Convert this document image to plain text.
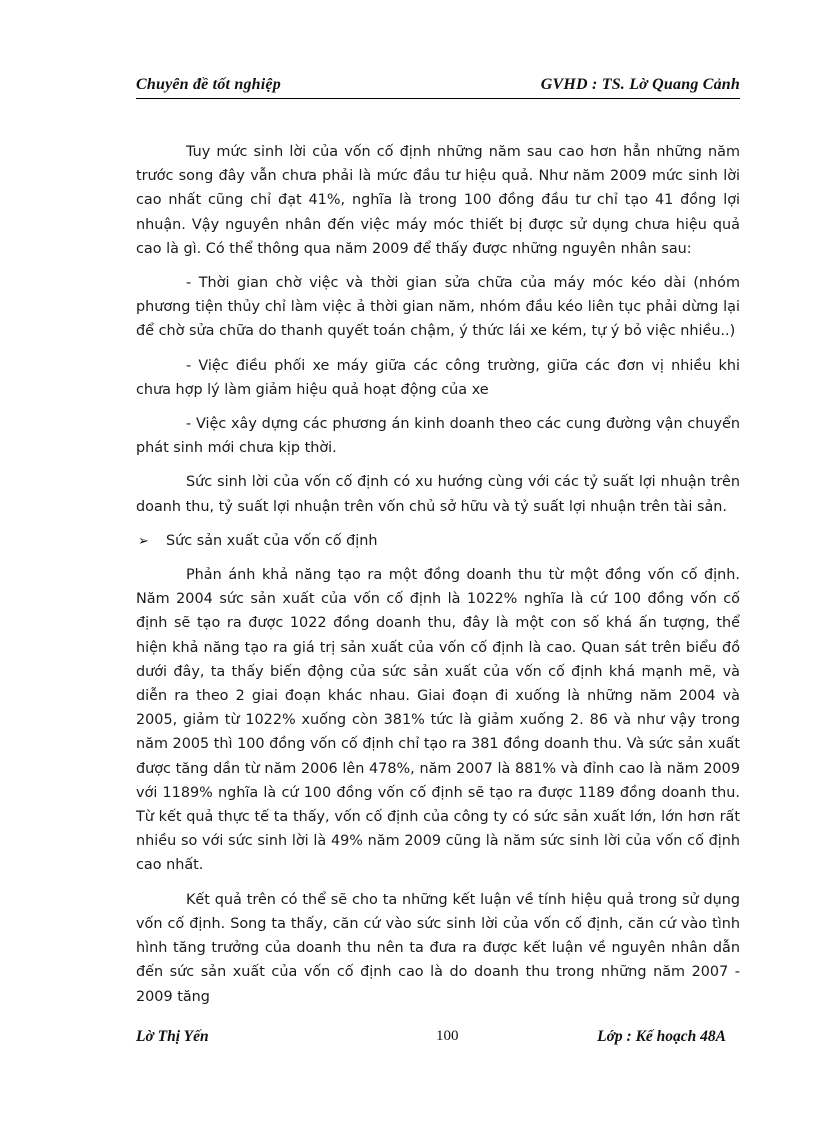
Chuyên đề tốt nghiệp	GVHD : TS. Lờ Quang Cảnh

Tuy mức sinh lời của vốn cố định những năm sau cao hơn hẳn những năm trước song đây vẫn chưa phải là mức đầu tư hiệu quả. Như năm 2009 mức sinh lời cao nhất cũng chỉ đạt 41%, nghĩa là trong 100 đồng đầu tư chỉ tạo 41 đồng lợi nhuận. Vậy nguyên nhân đến việc máy móc thiết bị được sử dụng chưa hiệu quả cao là gì. Có thể thông qua năm 2009 để thấy được những nguyên nhân sau:

- Thời gian chờ việc và thời gian sửa chữa của máy móc kéo dài (nhóm phương tiện thủy chỉ làm việc ả thời gian năm, nhóm đầu kéo liên tục phải dừng lại để chờ sửa chữa do thanh quyết toán chậm, ý thức lái xe kém, tự ý bỏ việc nhiều..)

- Việc điều phối xe máy giữa các công trường, giữa các đơn vị nhiều khi chưa hợp lý làm giảm hiệu quả hoạt động của xe

- Việc xây dựng các phương án kinh doanh theo các cung đường vận chuyển phát sinh mới chưa kịp thời.

Sức sinh lời của vốn cố định có xu hướng cùng với các tỷ suất lợi nhuận trên doanh thu, tỷ suất lợi nhuận trên vốn chủ sở hữu và tỷ suất lợi nhuận trên tài sản.

➢	Sức sản xuất của vốn cố định

Phản ánh khả năng tạo ra một đồng doanh thu từ một đồng vốn cố định. Năm 2004 sức sản xuất của vốn cố định là 1022% nghĩa là cứ 100 đồng vốn cố định sẽ tạo ra được 1022 đồng doanh thu, đây là một con số khá ấn tượng, thể hiện khả năng tạo ra giá trị sản xuất của vốn cố định là cao. Quan sát trên biểu đồ dưới đây, ta thấy biến động của sức sản xuất của vốn cố định khá mạnh mẽ, và diễn ra theo 2 giai đoạn khác nhau. Giai đoạn đi xuống là những năm 2004 và 2005, giảm từ 1022% xuống còn 381% tức là giảm xuống 2. 86 và như vậy trong năm 2005 thì 100 đồng vốn cố định chỉ tạo ra 381 đồng doanh thu. Và sức sản xuất được tăng dần từ năm 2006 lên 478%, năm 2007 là 881% và đỉnh cao là năm 2009 với 1189% nghĩa là cứ 100 đồng vốn cố định sẽ tạo ra được 1189 đồng doanh thu. Từ kết quả thực tế ta thấy, vốn cố định của công ty có sức sản xuất lớn, lớn hơn rất nhiều so với sức sinh lời là 49% năm 2009 cũng là năm sức sinh lời của vốn cố định cao nhất.

Kết quả trên có thể sẽ cho ta những kết luận về tính hiệu quả trong sử dụng vốn cố định. Song ta thấy, căn cứ vào sức sinh lời của vốn cố định, căn cứ vào tình hình tăng trưởng của doanh thu nên ta đưa ra được kết luận về nguyên nhân dẫn đến sức sản xuất của vốn cố định cao là do doanh thu trong những năm 2007 - 2009 tăng

Lờ Thị Yến	100	Lớp : Kế hoạch 48A
